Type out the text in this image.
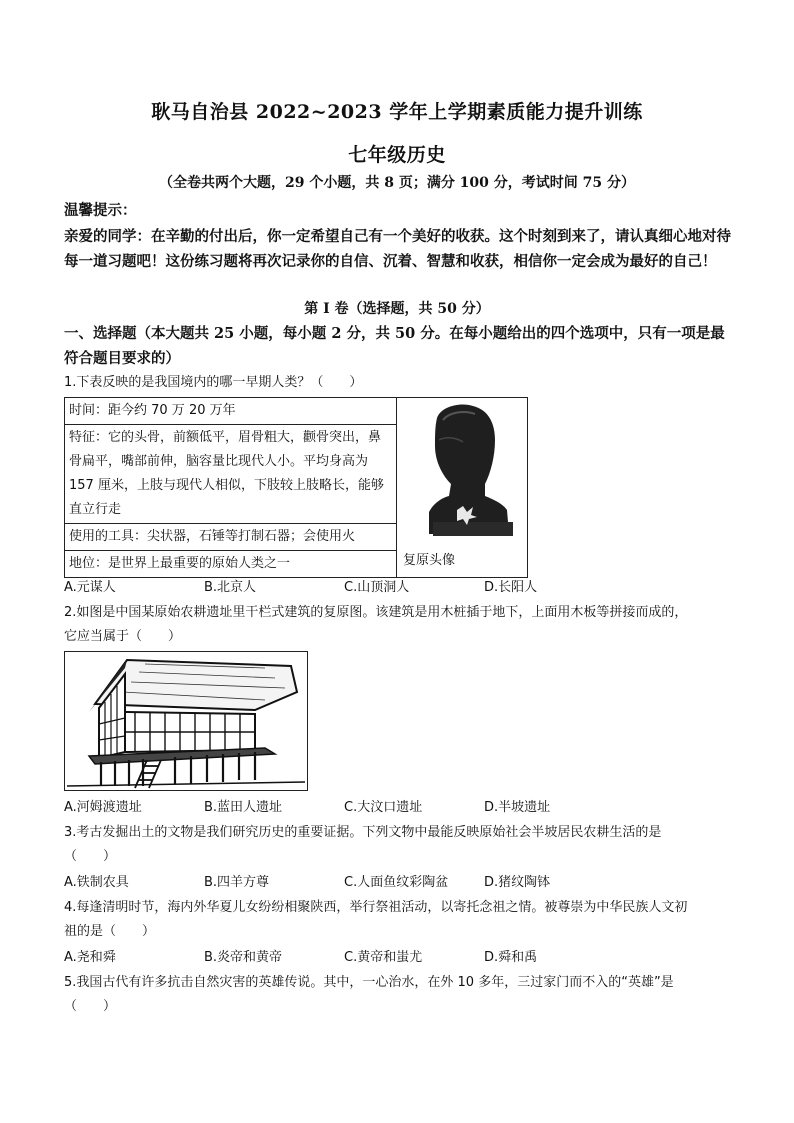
耿马自治县 2022~2023 学年上学期素质能力提升训练
七年级历史
（全卷共两个大题，29 个小题，共 8 页；满分 100 分，考试时间 75 分）
温馨提示：
亲爱的同学：在辛勤的付出后，你一定希望自己有一个美好的收获。这个时刻到来了，请认真细心地对待每一道习题吧！这份练习题将再次记录你的自信、沉着、智慧和收获，相信你一定会成为最好的自己！
第 I 卷（选择题，共 50 分）
一、选择题（本大题共 25 小题，每小题 2 分，共 50 分。在每小题给出的四个选项中，只有一项是最符合题目要求的）
1.下表反映的是我国境内的哪一早期人类？（　　）
时间：距今约 70 万 20 万年	
复原头像

特征：它的头骨，前额低平，眉骨粗大，颧骨突出，鼻骨扁平，嘴部前伸，脑容量比现代人小。平均身高为 157 厘米，上肢与现代人相似，下肢较上肢略长，能够直立行走
使用的工具：尖状器，石锤等打制石器；会使用火
地位：是世界上最重要的原始人类之一
A.元谋人	B.北京人	C.山顶洞人	D.长阳人
2.如图是中国某原始农耕遗址里干栏式建筑的复原图。该建筑是用木桩插于地下，上面用木板等拼接而成的，
它应当属于（　　）
A.河姆渡遗址	B.蓝田人遗址	C.大汶口遗址	D.半坡遗址
3.考古发掘出土的文物是我们研究历史的重要证据。下列文物中最能反映原始社会半坡居民农耕生活的是
（　　）
A.铁制农具	B.四羊方尊	C.人面鱼纹彩陶盆	D.猪纹陶钵
4.每逢清明时节，海内外华夏儿女纷纷相聚陕西，举行祭祖活动，以寄托念祖之情。被尊崇为中华民族人文初
祖的是（　　）
A.尧和舜	B.炎帝和黄帝	C.黄帝和蚩尤	D.舜和禹
5.我国古代有许多抗击自然灾害的英雄传说。其中，一心治水，在外 10 多年，三过家门而不入的“英雄”是
（　　）
